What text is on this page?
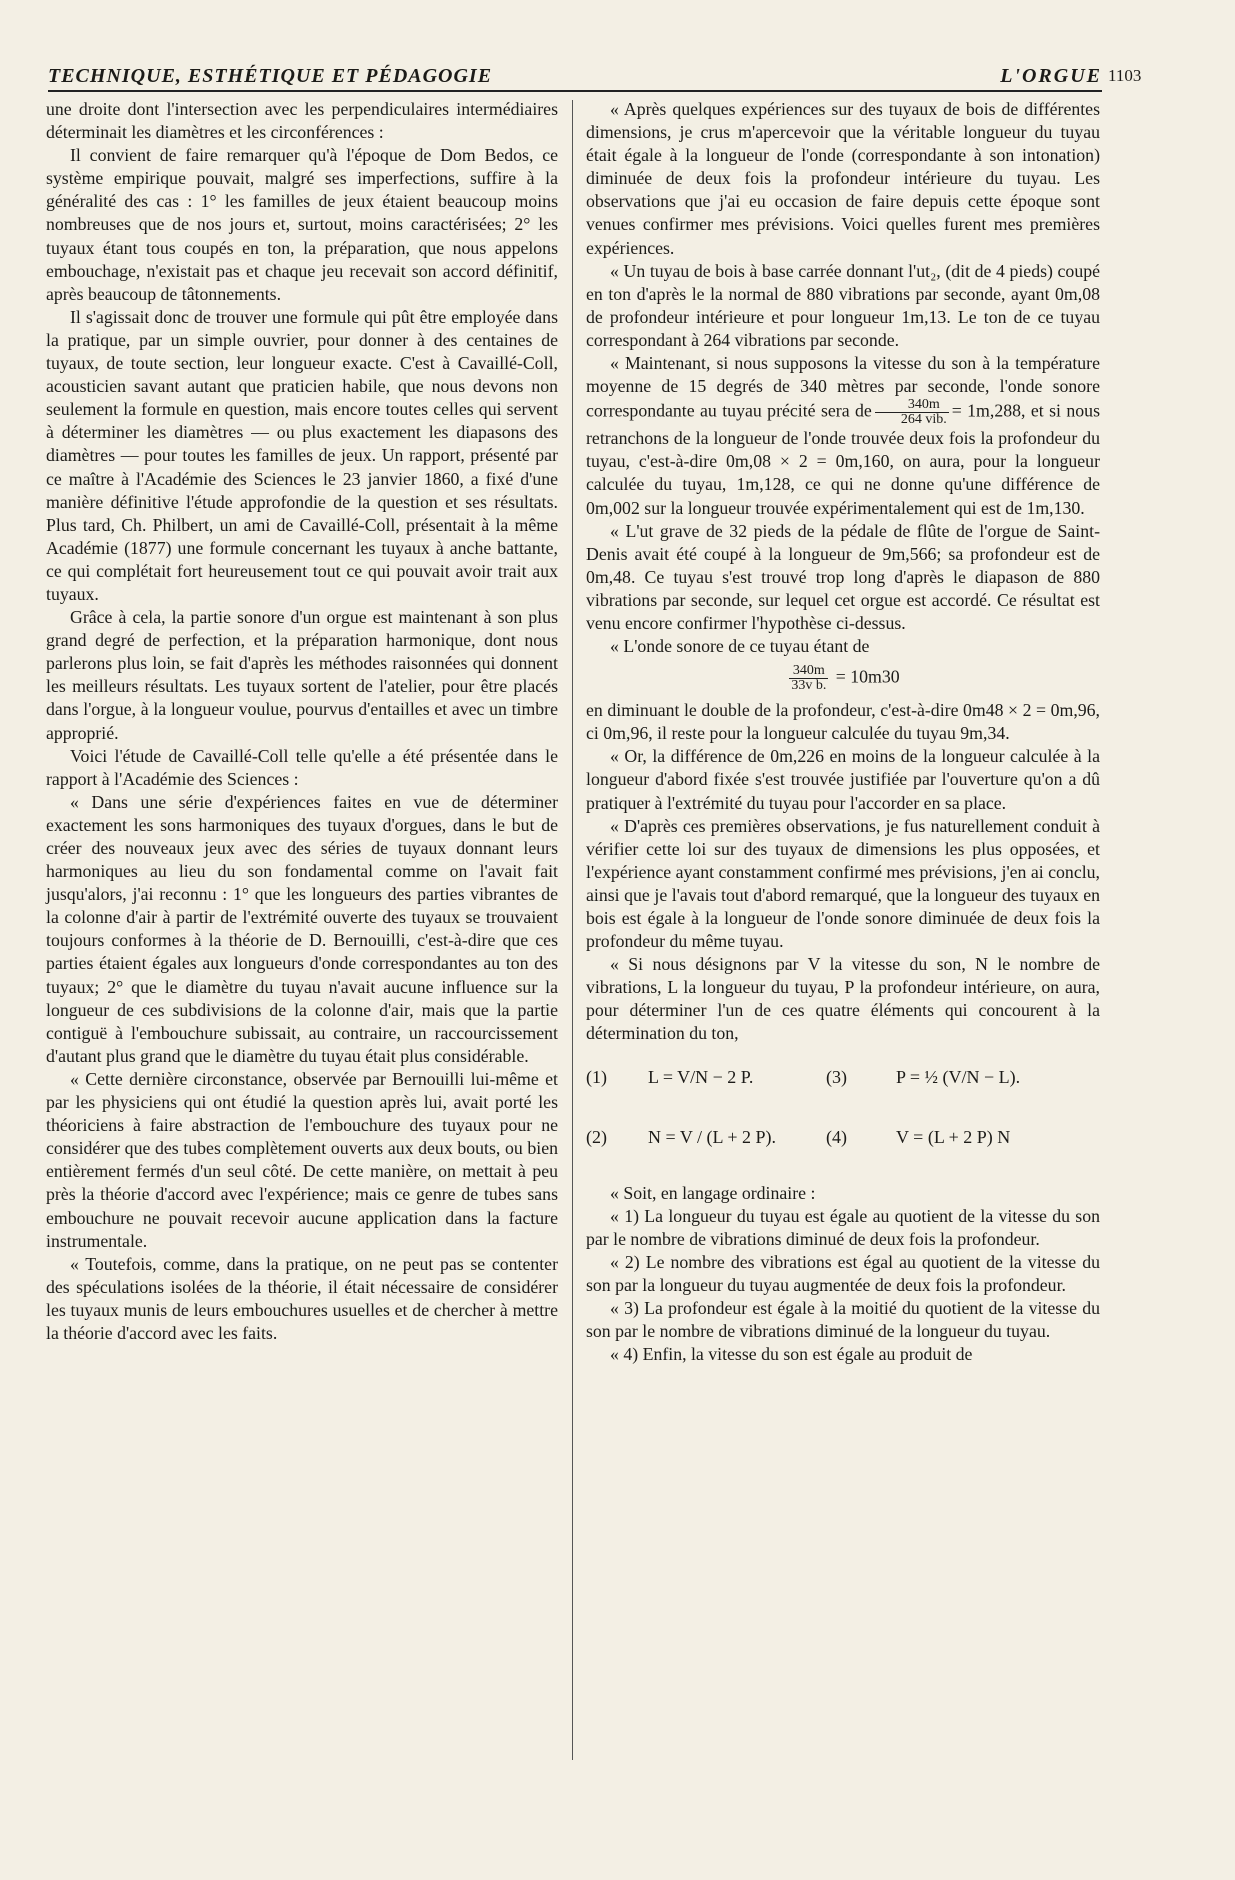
TECHNIQUE, ESTHÉTIQUE ET PÉDAGOGIE	L'ORGUE 1103

une droite dont l'intersection avec les perpendiculaires intermédiaires déterminait les diamètres et les circonférences :

Il convient de faire remarquer qu'à l'époque de Dom Bedos, ce système empirique pouvait, malgré ses imperfections, suffire à la généralité des cas : 1° les familles de jeux étaient beaucoup moins nombreuses que de nos jours et, surtout, moins caractérisées; 2° les tuyaux étant tous coupés en ton, la préparation, que nous appelons embouchage, n'existait pas et chaque jeu recevait son accord définitif, après beaucoup de tâtonnements.

Il s'agissait donc de trouver une formule qui pût être employée dans la pratique, par un simple ouvrier, pour donner à des centaines de tuyaux, de toute section, leur longueur exacte. C'est à Cavaillé-Coll, acousticien savant autant que praticien habile, que nous devons non seulement la formule en question, mais encore toutes celles qui servent à déterminer les diamètres — ou plus exactement les diapasons des diamètres — pour toutes les familles de jeux. Un rapport, présenté par ce maître à l'Académie des Sciences le 23 janvier 1860, a fixé d'une manière définitive l'étude approfondie de la question et ses résultats. Plus tard, Ch. Philbert, un ami de Cavaillé-Coll, présentait à la même Académie (1877) une formule concernant les tuyaux à anche battante, ce qui complétait fort heureusement tout ce qui pouvait avoir trait aux tuyaux.

Grâce à cela, la partie sonore d'un orgue est maintenant à son plus grand degré de perfection, et la préparation harmonique, dont nous parlerons plus loin, se fait d'après les méthodes raisonnées qui donnent les meilleurs résultats. Les tuyaux sortent de l'atelier, pour être placés dans l'orgue, à la longueur voulue, pourvus d'entailles et avec un timbre approprié.

Voici l'étude de Cavaillé-Coll telle qu'elle a été présentée dans le rapport à l'Académie des Sciences :

« Dans une série d'expériences faites en vue de déterminer exactement les sons harmoniques des tuyaux d'orgues, dans le but de créer des nouveaux jeux avec des séries de tuyaux donnant leurs harmoniques au lieu du son fondamental comme on l'avait fait jusqu'alors, j'ai reconnu : 1° que les longueurs des parties vibrantes de la colonne d'air à partir de l'extrémité ouverte des tuyaux se trouvaient toujours conformes à la théorie de D. Bernouilli, c'est-à-dire que ces parties étaient égales aux longueurs d'onde correspondantes au ton des tuyaux; 2° que le diamètre du tuyau n'avait aucune influence sur la longueur de ces subdivisions de la colonne d'air, mais que la partie contiguë à l'embouchure subissait, au contraire, un raccourcissement d'autant plus grand que le diamètre du tuyau était plus considérable.

« Cette dernière circonstance, observée par Bernouilli lui-même et par les physiciens qui ont étudié la question après lui, avait porté les théoriciens à faire abstraction de l'embouchure des tuyaux pour ne considérer que des tubes complètement ouverts aux deux bouts, ou bien entièrement fermés d'un seul côté. De cette manière, on mettait à peu près la théorie d'accord avec l'expérience; mais ce genre de tubes sans embouchure ne pouvait recevoir aucune application dans la facture instrumentale.

« Toutefois, comme, dans la pratique, on ne peut pas se contenter des spéculations isolées de la théorie, il était nécessaire de considérer les tuyaux munis de leurs embouchures usuelles et de chercher à mettre la théorie d'accord avec les faits.

« Après quelques expériences sur des tuyaux de bois de différentes dimensions, je crus m'apercevoir que la véritable longueur du tuyau était égale à la longueur de l'onde (correspondante à son intonation) diminuée de deux fois la profondeur intérieure du tuyau. Les observations que j'ai eu occasion de faire depuis cette époque sont venues confirmer mes prévisions. Voici quelles furent mes premières expériences.

« Un tuyau de bois à base carrée donnant l'ut₂, (dit de 4 pieds) coupé en ton d'après le la normal de 880 vibrations par seconde, ayant 0m,08 de profondeur intérieure et pour longueur 1m,13. Le ton de ce tuyau correspondant à 264 vibrations par seconde.

« Maintenant, si nous supposons la vitesse du son à la température moyenne de 15 degrés de 340 mètres par seconde, l'onde sonore correspondante au tuyau précité sera de $\frac{340m}{\text{264 vib.}} = 1m,288$, et si nous retranchons de la longueur de l'onde trouvée deux fois la profondeur du tuyau, c'est-à-dire 0m,08 × 2 = 0m,160, on aura, pour la longueur calculée du tuyau, 1m,128, ce qui ne donne qu'une différence de 0m,002 sur la longueur trouvée expérimentalement qui est de 1m,130.

« L'ut grave de 32 pieds de la pédale de flûte de l'orgue de Saint-Denis avait été coupé à la longueur de 9m,566; sa profondeur est de 0m,48. Ce tuyau s'est trouvé trop long d'après le diapason de 880 vibrations par seconde, sur lequel cet orgue est accordé. Ce résultat est venu encore confirmer l'hypothèse ci-dessus.

« L'onde sonore de ce tuyau étant de

$\frac{340m}{\text{33v b.}} = 10m30$

en diminuant le double de la profondeur, c'est-à-dire 0m48 × 2 = 0m,96, ci 0m,96, il reste pour la longueur calculée du tuyau 9m,34.

« Or, la différence de 0m,226 en moins de la longueur calculée à la longueur d'abord fixée s'est trouvée justifiée par l'ouverture qu'on a dû pratiquer à l'extrémité du tuyau pour l'accorder en sa place.

« D'après ces premières observations, je fus naturellement conduit à vérifier cette loi sur des tuyaux de dimensions les plus opposées, et l'expérience ayant constamment confirmé mes prévisions, j'en ai conclu, ainsi que je l'avais tout d'abord remarqué, que la longueur des tuyaux en bois est égale à la longueur de l'onde sonore diminuée de deux fois la profondeur du même tuyau.

« Si nous désignons par V la vitesse du son, N le nombre de vibrations, L la longueur du tuyau, P la profondeur intérieure, on aura, pour déterminer l'un de ces quatre éléments qui concourent à la détermination du ton,

(1) L = V/N − 2 P.	(3)	P = ½ (V/N − L).
(2) N = V / (L + 2 P).	(4)	V = (L + 2 P) N

« Soit, en langage ordinaire :

« 1) La longueur du tuyau est égale au quotient de la vitesse du son par le nombre de vibrations diminué de deux fois la profondeur.

« 2) Le nombre des vibrations est égal au quotient de la vitesse du son par la longueur du tuyau augmentée de deux fois la profondeur.

« 3) La profondeur est égale à la moitié du quotient de la vitesse du son par le nombre de vibrations diminué de la longueur du tuyau.

« 4) Enfin, la vitesse du son est égale au produit de
